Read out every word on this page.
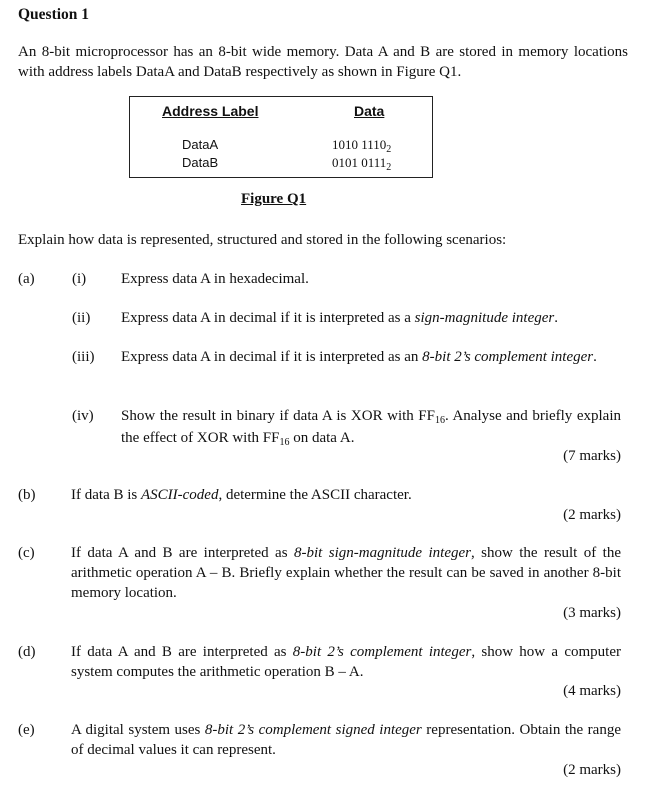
Question 1
An 8-bit microprocessor has an 8-bit wide memory. Data A and B are stored in memory locations with address labels DataA and DataB respectively as shown in Figure Q1.
Address Label	Data
DataA	1010 $1110_2$
DataB	0101 $0111_2$
Figure Q1
Explain how data is represented, structured and stored in the following scenarios:
(a) (i) Express data A in hexadecimal.
(ii) Express data A in decimal if it is interpreted as a sign-magnitude integer.
(iii) Express data A in decimal if it is interpreted as an 8-bit 2’s complement integer.
(iv) Show the result in binary if data A is XOR with $FF_{16}$. Analyse and briefly explain the effect of XOR with $FF_{16}$ on data A.
(7 marks)
(b) If data B is ASCII-coded, determine the ASCII character.
(2 marks)
(c) If data A and B are interpreted as 8-bit sign-magnitude integer, show the result of the arithmetic operation A – B. Briefly explain whether the result can be saved in another 8-bit memory location.
(3 marks)
(d) If data A and B are interpreted as 8-bit 2’s complement integer, show how a computer system computes the arithmetic operation B – A.
(4 marks)
(e) A digital system uses 8-bit 2’s complement signed integer representation. Obtain the range of decimal values it can represent.
(2 marks)
